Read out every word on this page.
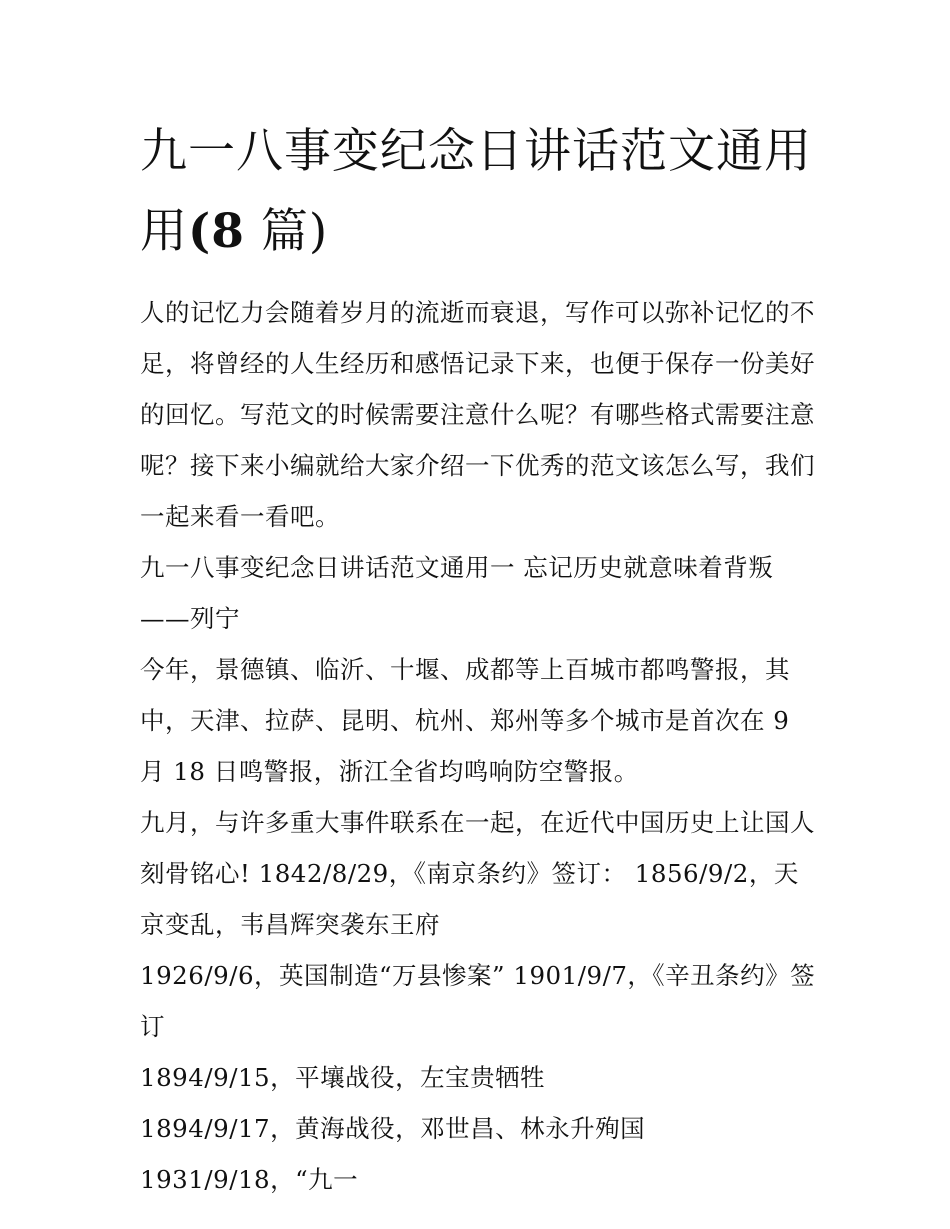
九一八事变纪念日讲话范文通用用(8 篇)

人的记忆力会随着岁月的流逝而衰退，写作可以弥补记忆的不足，将曾经的人生经历和感悟记录下来，也便于保存一份美好的回忆。写范文的时候需要注意什么呢？有哪些格式需要注意呢？接下来小编就给大家介绍一下优秀的范文该怎么写，我们一起来看一看吧。

九一八事变纪念日讲话范文通用一 忘记历史就意味着背叛

——列宁

今年，景德镇、临沂、十堰、成都等上百城市都鸣警报，其中，天津、拉萨、昆明、杭州、郑州等多个城市是首次在 9 月 18 日鸣警报，浙江全省均鸣响防空警报。

九月，与许多重大事件联系在一起，在近代中国历史上让国人刻骨铭心! 1842/8/29，《南京条约》签订： 1856/9/2，天京变乱，韦昌辉突袭东王府

1926/9/6，英国制造“万县惨案” 1901/9/7，《辛丑条约》签订

1894/9/15，平壤战役，左宝贵牺牲

1894/9/17，黄海战役，邓世昌、林永升殉国 1931/9/18，“九一
